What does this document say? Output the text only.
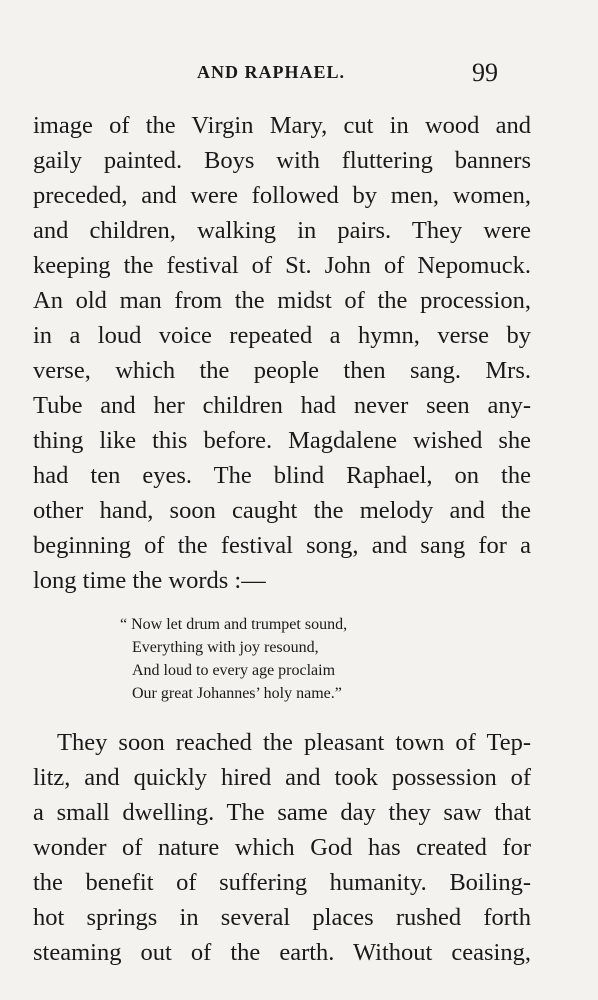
AND RAPHAEL.	99
image of the Virgin Mary, cut in wood and
gaily painted. Boys with fluttering banners
preceded, and were followed by men, women,
and children, walking in pairs. They were
keeping the festival of St. John of Nepomuck.
An old man from the midst of the procession,
in a loud voice repeated a hymn, verse by
verse, which the people then sang. Mrs.
Tube and her children had never seen any-
thing like this before. Magdalene wished she
had ten eyes. The blind Raphael, on the
other hand, soon caught the melody and the
beginning of the festival song, and sang for a
long time the words :—
“ Now let drum and trumpet sound,
Everything with joy resound,
And loud to every age proclaim
Our great Johannes’ holy name.”
They soon reached the pleasant town of Tep-
litz, and quickly hired and took possession of
a small dwelling. The same day they saw that
wonder of nature which God has created for
the benefit of suffering humanity. Boiling-
hot springs in several places rushed forth
steaming out of the earth. Without ceasing,
